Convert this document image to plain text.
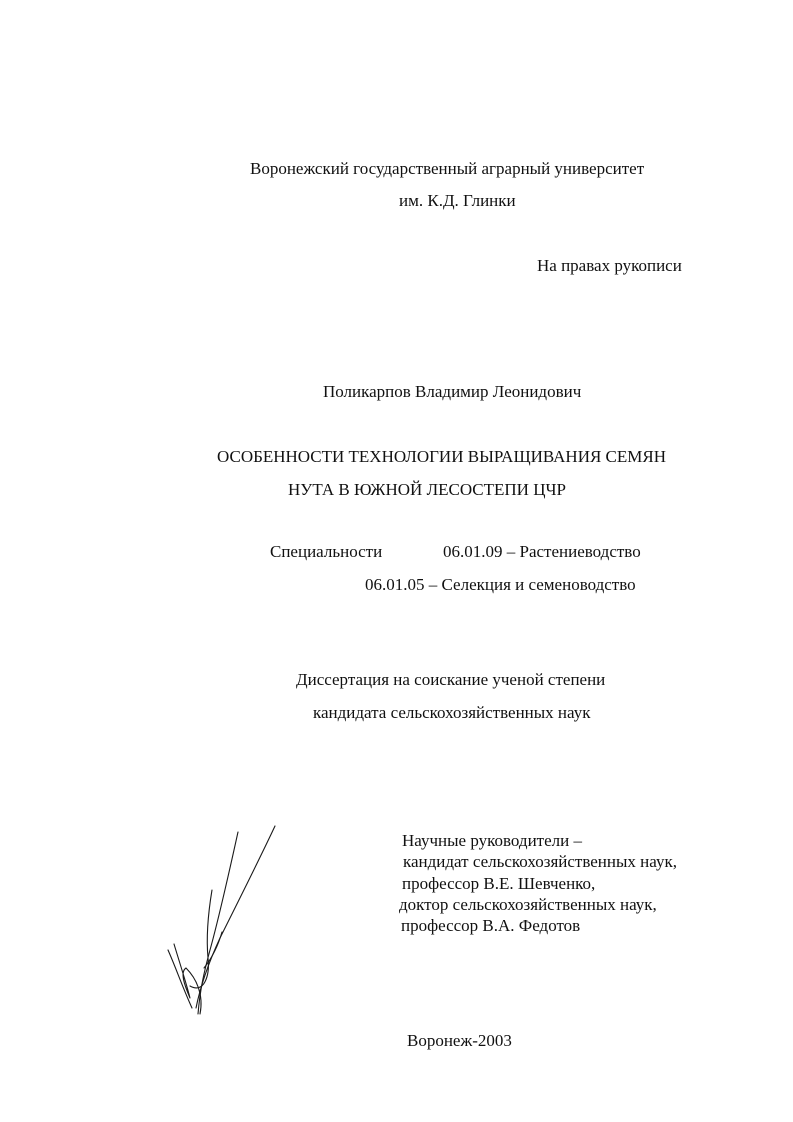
Воронежский государственный аграрный университет
им. К.Д. Глинки
На правах рукописи
Поликарпов Владимир Леонидович
ОСОБЕННОСТИ ТЕХНОЛОГИИ ВЫРАЩИВАНИЯ СЕМЯН
НУТА В ЮЖНОЙ ЛЕСОСТЕПИ ЦЧР
Специальности	06.01.09 – Растениеводство
06.01.05 – Селекция и семеноводство
Диссертация на соискание ученой степени
кандидата сельскохозяйственных наук
Научные руководители –
кандидат сельскохозяйственных наук,
профессор В.Е. Шевченко,
доктор сельскохозяйственных наук,
профессор В.А. Федотов
Воронеж-2003
